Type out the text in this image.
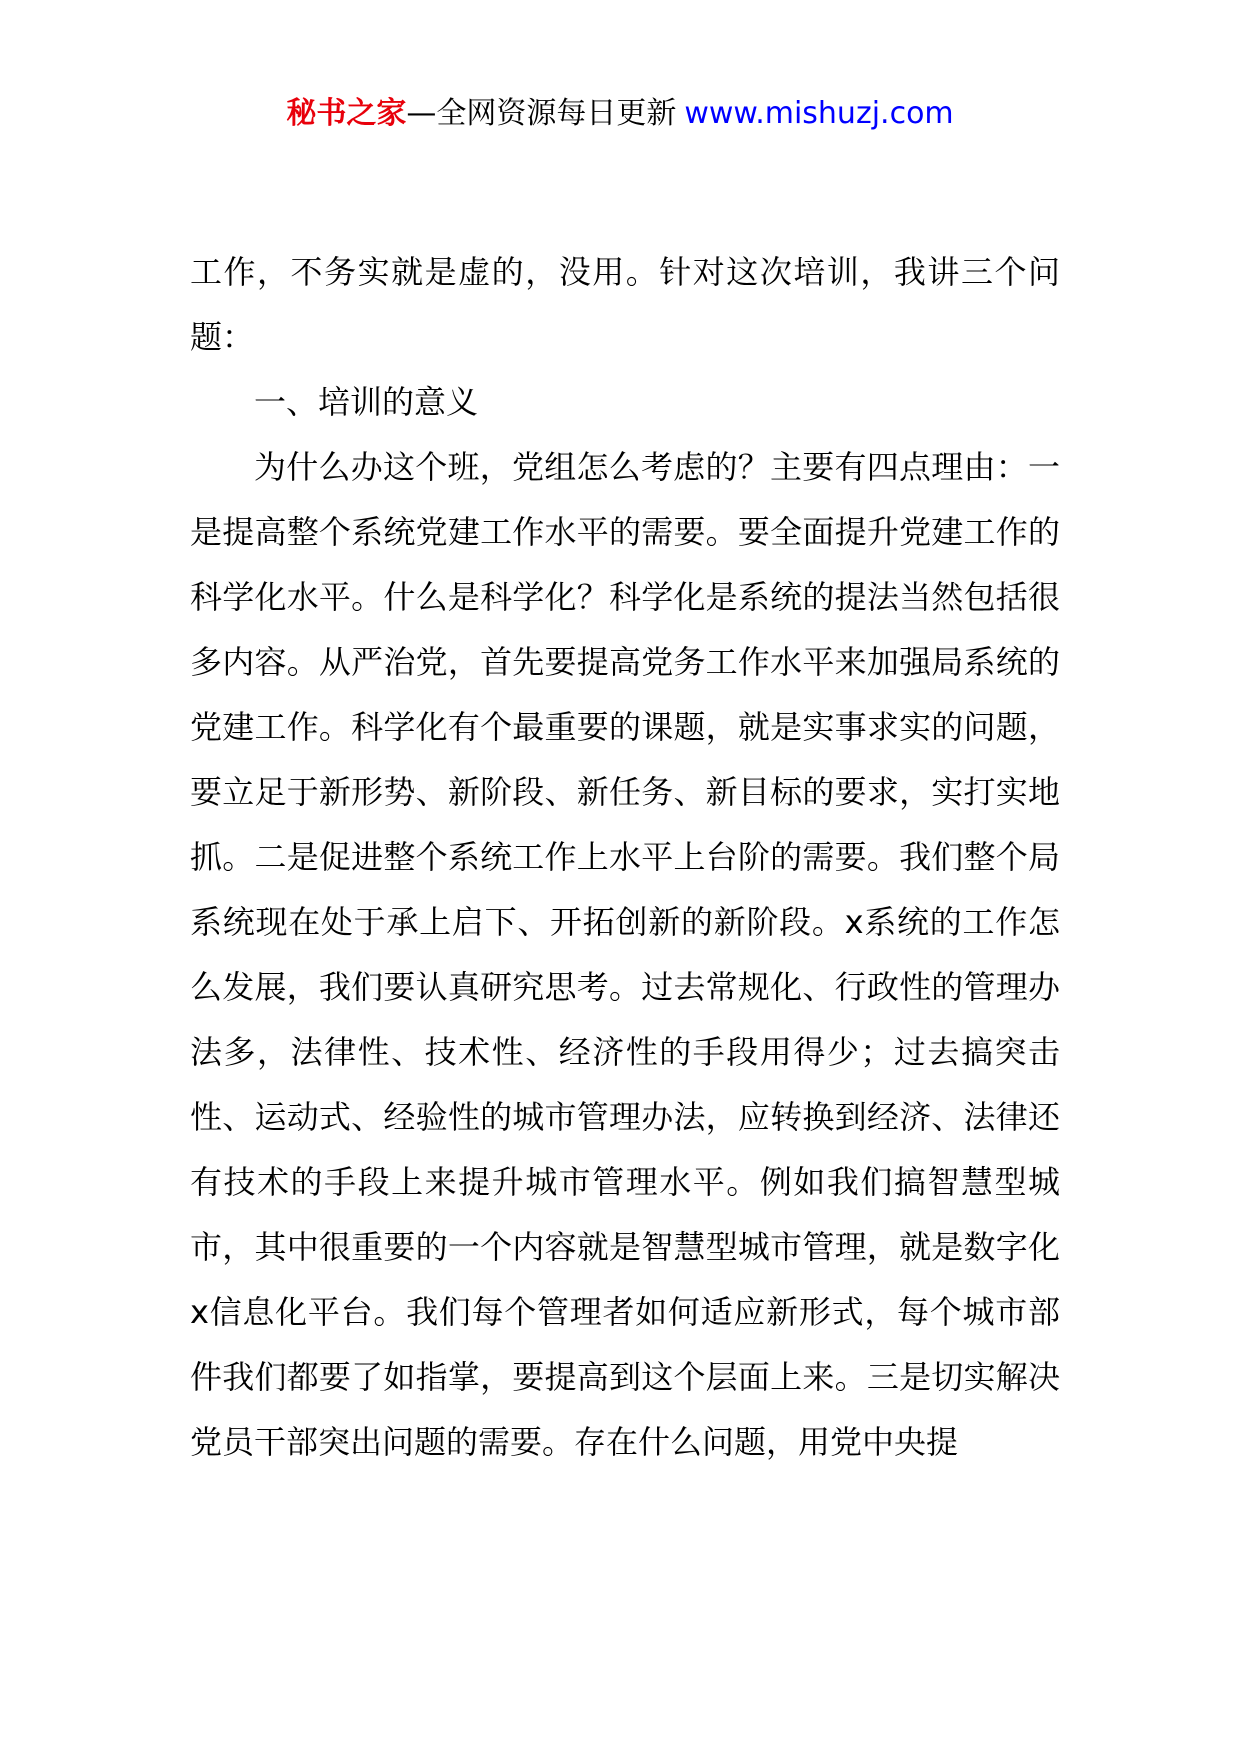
秘书之家—全网资源每日更新 www.mishuzj.com

工作，不务实就是虚的，没用。针对这次培训，我讲三个问题：

一、培训的意义

为什么办这个班，党组怎么考虑的？主要有四点理由：一是提高整个系统党建工作水平的需要。要全面提升党建工作的科学化水平。什么是科学化？科学化是系统的提法当然包括很多内容。从严治党，首先要提高党务工作水平来加强局系统的党建工作。科学化有个最重要的课题，就是实事求实的问题，要立足于新形势、新阶段、新任务、新目标的要求，实打实地抓。二是促进整个系统工作上水平上台阶的需要。我们整个局系统现在处于承上启下、开拓创新的新阶段。x系统的工作怎么发展，我们要认真研究思考。过去常规化、行政性的管理办法多，法律性、技术性、经济性的手段用得少；过去搞突击性、运动式、经验性的城市管理办法，应转换到经济、法律还有技术的手段上来提升城市管理水平。例如我们搞智慧型城市，其中很重要的一个内容就是智慧型城市管理，就是数字化x信息化平台。我们每个管理者如何适应新形式，每个城市部件我们都要了如指掌，要提高到这个层面上来。三是切实解决党员干部突出问题的需要。存在什么问题，用党中央提
